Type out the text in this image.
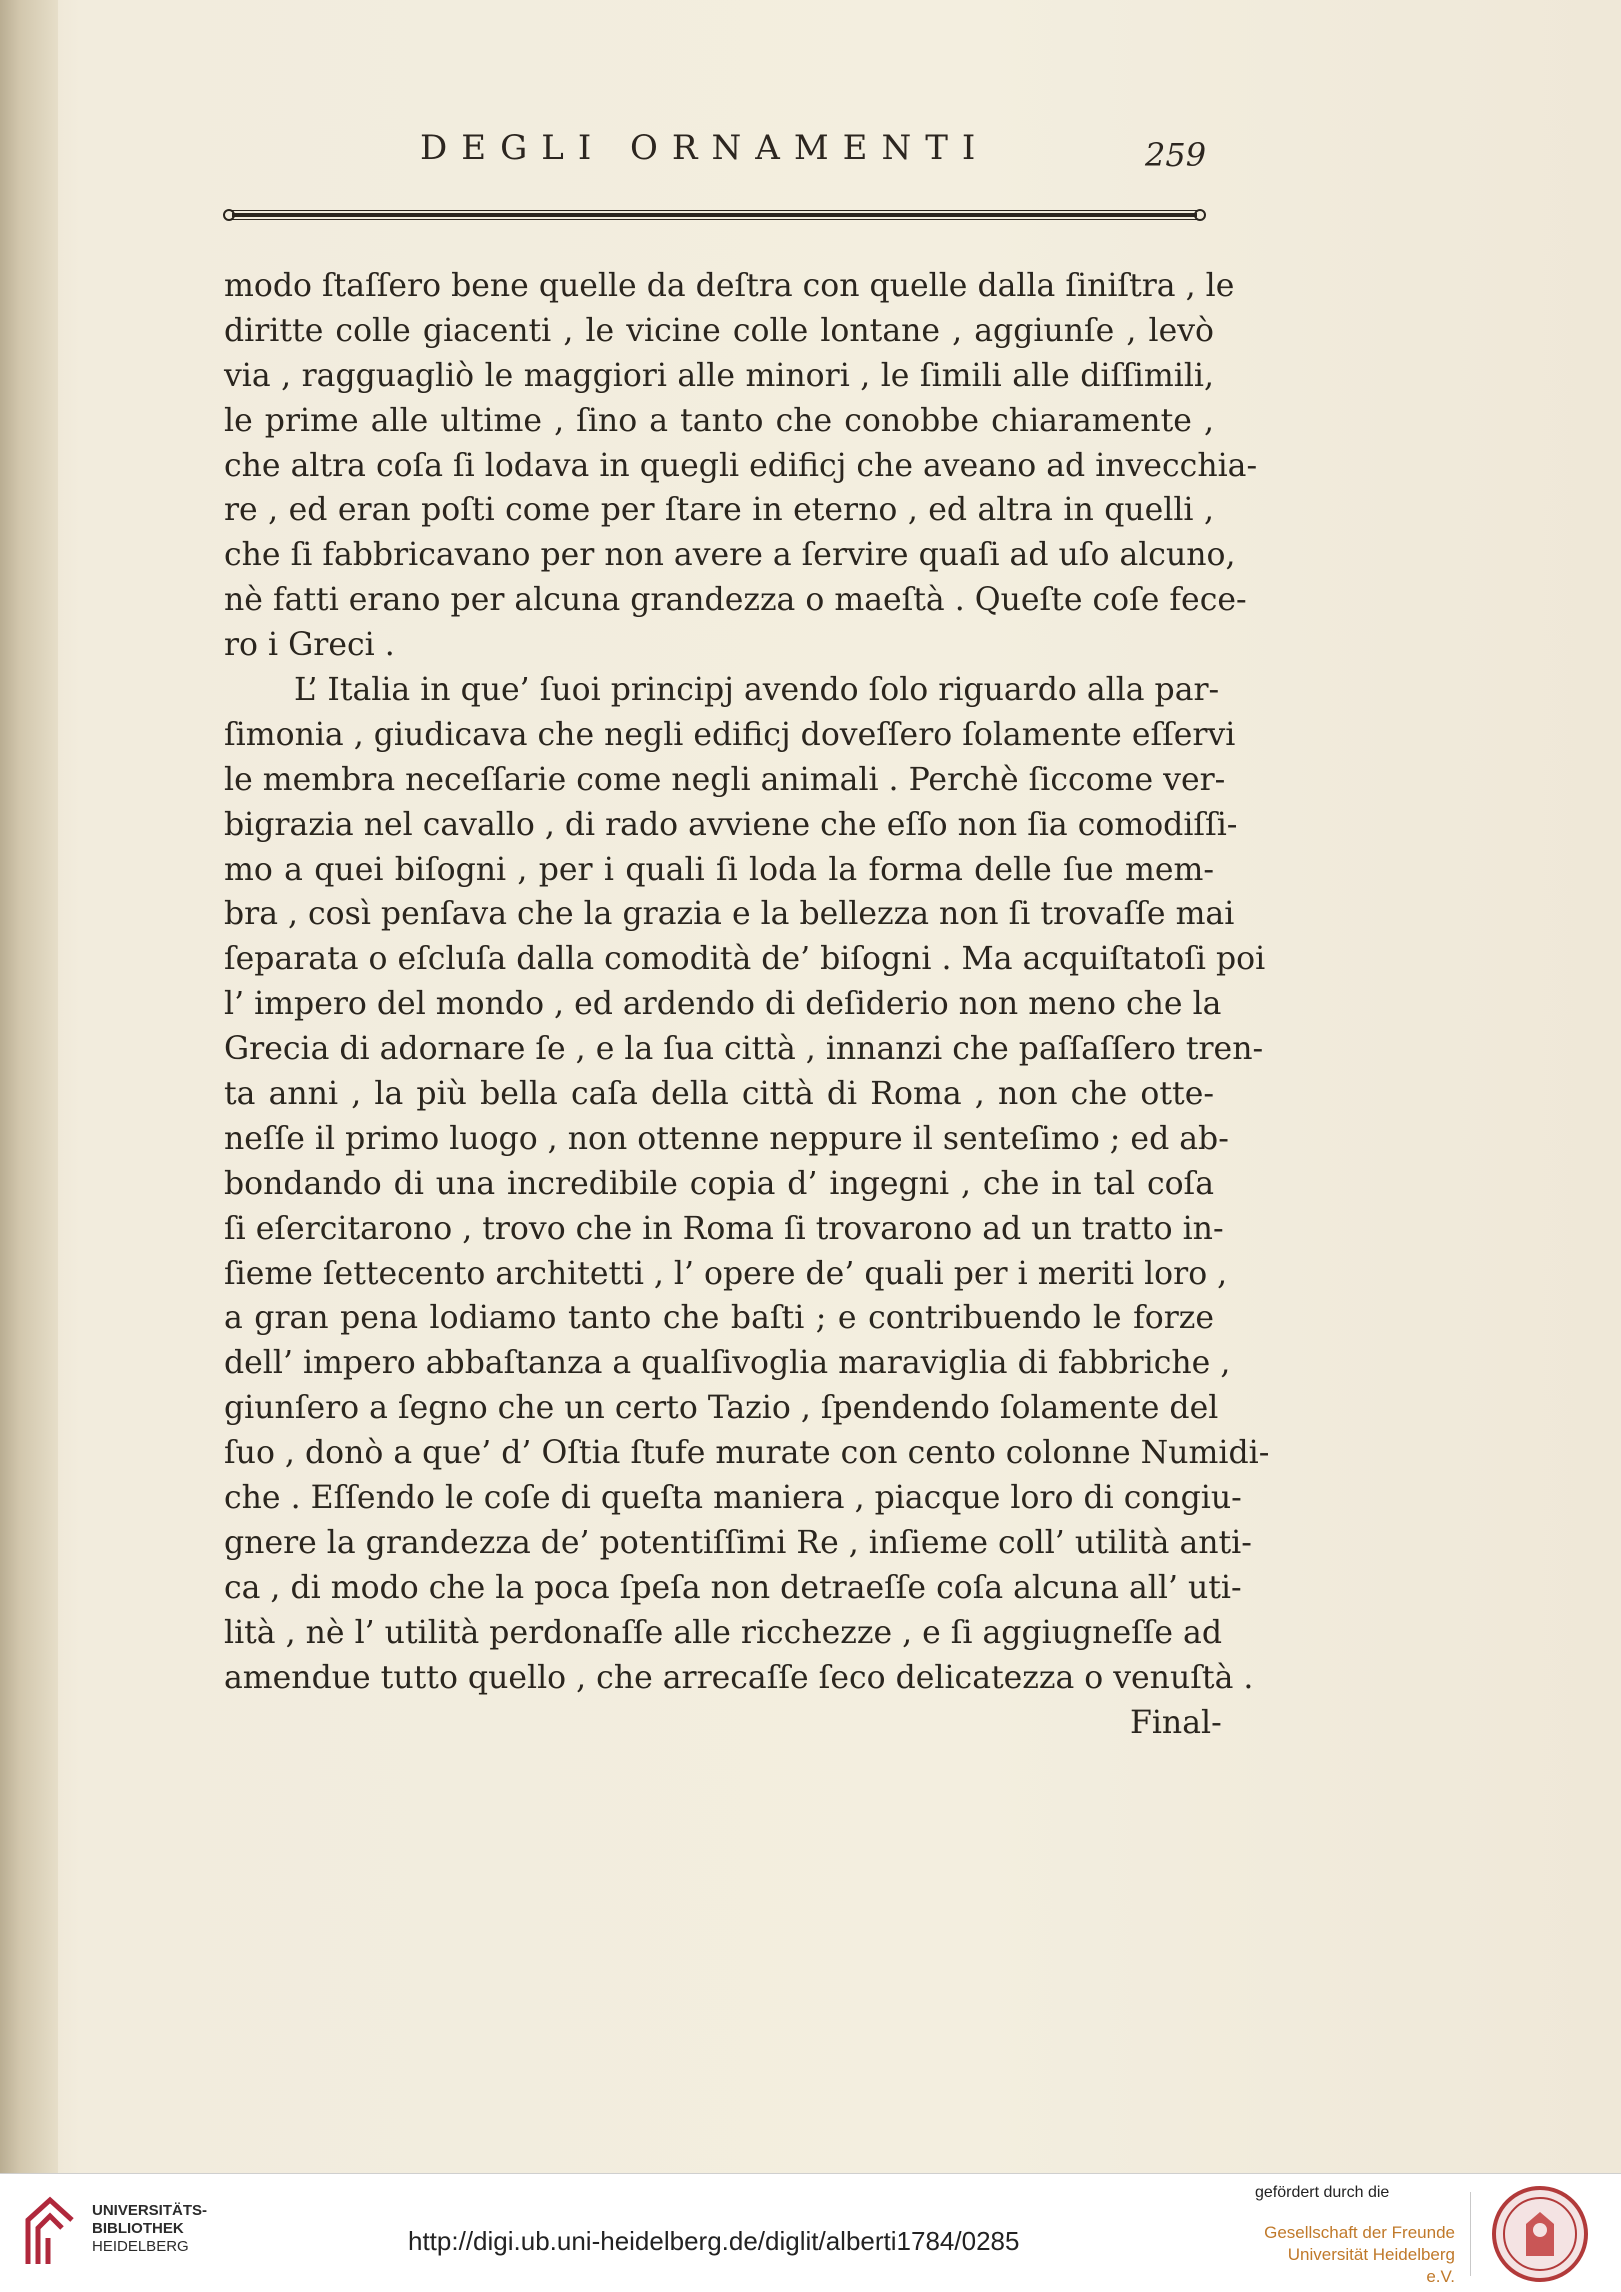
DEGLI ORNAMENTI	259
modo ſtaſſero bene quelle da deſtra con quelle dalla ſiniſtra , le
diritte colle giacenti , le vicine colle lontane , aggiunſe , levò
via , ragguagliò le maggiori alle minori , le ſimili alle diſſimili,
le prime alle ultime , ſino a tanto che conobbe chiaramente ,
che altra coſa ſi lodava in quegli edificj che aveano ad invecchia-
re , ed eran poſti come per ſtare in eterno , ed altra in quelli ,
che ſi fabbricavano per non avere a ſervire quaſi ad uſo alcuno,
nè fatti erano per alcuna grandezza o maeſtà . Queſte coſe fece-
ro i Greci .
L’ Italia in que’ ſuoi principj avendo ſolo riguardo alla par-
ſimonia , giudicava che negli edificj doveſſero ſolamente eſſervi
le membra neceſſarie come negli animali . Perchè ſiccome ver-
bigrazia nel cavallo , di rado avviene che eſſo non ſia comodiſſi-
mo a quei biſogni , per i quali ſi loda la forma delle ſue mem-
bra , così penſava che la grazia e la bellezza non ſi trovaſſe mai
ſeparata o eſcluſa dalla comodità de’ biſogni . Ma acquiſtatoſi poi
l’ impero del mondo , ed ardendo di deſiderio non meno che la
Grecia di adornare ſe , e la ſua città , innanzi che paſſaſſero tren-
ta anni , la più bella caſa della città di Roma , non che otte-
neſſe il primo luogo , non ottenne neppure il senteſimo ; ed ab-
bondando di una incredibile copia d’ ingegni , che in tal coſa
ſi eſercitarono , trovo che in Roma ſi trovarono ad un tratto in-
ſieme ſettecento architetti , l’ opere de’ quali per i meriti loro ,
a gran pena lodiamo tanto che baſti ; e contribuendo le forze
dell’ impero abbaſtanza a qualſivoglia maraviglia di fabbriche ,
giunſero a ſegno che un certo Tazio , ſpendendo ſolamente del
ſuo , donò a que’ d’ Oſtia ſtufe murate con cento colonne Numidi-
che . Eſſendo le coſe di queſta maniera , piacque loro di congiu-
gnere la grandezza de’ potentiſſimi Re , inſieme coll’ utilità anti-
ca , di modo che la poca ſpeſa non detraeſſe coſa alcuna all’ uti-
lità , nè l’ utilità perdonaſſe alle ricchezze , e ſi aggiugneſſe ad
amendue tutto quello , che arrecaſſe ſeco delicatezza o venuſtà .
Final-
UNIVERSITÄTS-
BIBLIOTHEK
HEIDELBERG	http://digi.ub.uni-heidelberg.de/diglit/alberti1784/0285
gefördert durch die
Gesellschaft der Freunde
Universität Heidelberg e.V.
